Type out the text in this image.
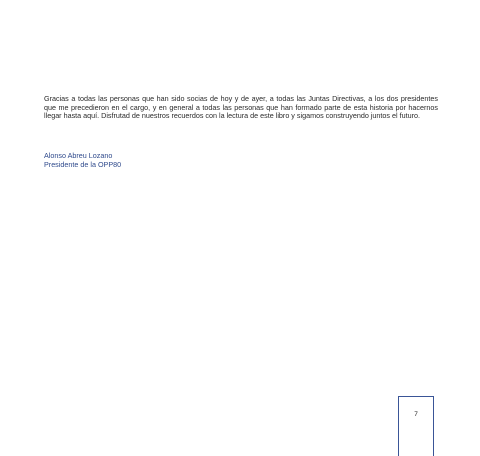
Gracias a todas las personas que han sido socias de hoy y de ayer, a todas las Juntas Directivas, a los dos presidentes que me precedieron en el cargo, y en general a todas las personas que han formado parte de esta historia por hacernos llegar hasta aquí. Disfrutad de nuestros recuerdos con la lectura de este libro y sigamos construyendo juntos el futuro.

Alonso Abreu Lozano
Presidente de la OPP80
7
